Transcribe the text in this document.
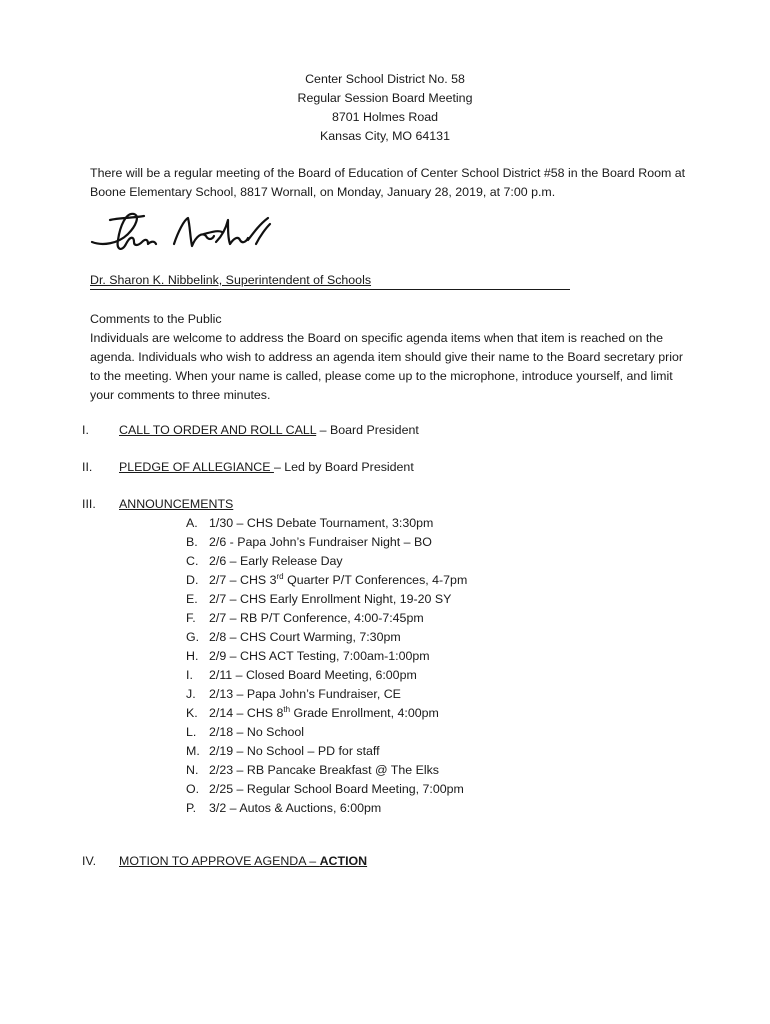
Center School District No. 58
Regular Session Board Meeting
8701 Holmes Road
Kansas City, MO 64131
There will be a regular meeting of the Board of Education of Center School District #58 in the Board Room at Boone Elementary School, 8817 Wornall, on Monday, January 28, 2019, at 7:00 p.m.
Dr. Sharon K. Nibbelink, Superintendent of Schools
Comments to the Public
Individuals are welcome to address the Board on specific agenda items when that item is reached on the agenda. Individuals who wish to address an agenda item should give their name to the Board secretary prior to the meeting. When your name is called, please come up to the microphone, introduce yourself, and limit your comments to three minutes.
I.	CALL TO ORDER AND ROLL CALL – Board President
II.	PLEDGE OF ALLEGIANCE – Led by Board President
III.	ANNOUNCEMENTS
A. 1/30 – CHS Debate Tournament, 3:30pm
B. 2/6 - Papa John’s Fundraiser Night – BO
C. 2/6 – Early Release Day
D. 2/7 – CHS 3rd Quarter P/T Conferences, 4-7pm
E. 2/7 – CHS Early Enrollment Night, 19-20 SY
F.	2/7 – RB P/T Conference, 4:00-7:45pm
G. 2/8 – CHS Court Warming, 7:30pm
H. 2/9 – CHS ACT Testing, 7:00am-1:00pm
I.	2/11 – Closed Board Meeting, 6:00pm
J.	2/13 – Papa John’s Fundraiser, CE
K. 2/14 – CHS 8th Grade Enrollment, 4:00pm
L.	2/18 – No School
M. 2/19 – No School – PD for staff
N. 2/23 – RB Pancake Breakfast @ The Elks
O. 2/25 – Regular School Board Meeting, 7:00pm
P.	3/2 – Autos & Auctions, 6:00pm
IV.	MOTION TO APPROVE AGENDA – ACTION
